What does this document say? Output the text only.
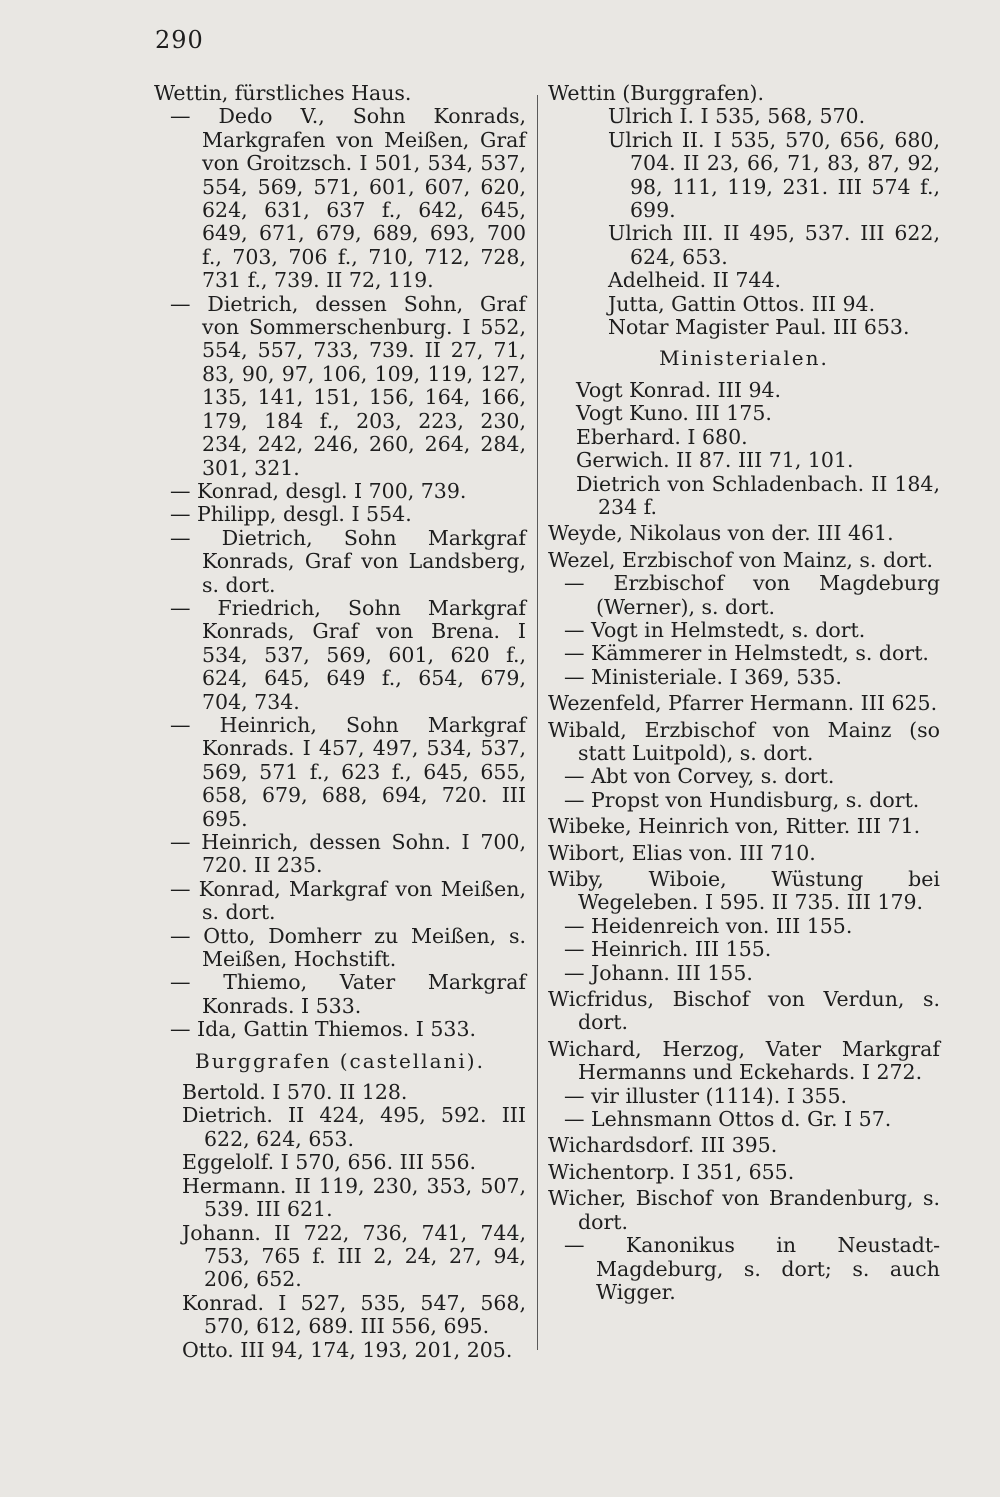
290

Wettin, fürstliches Haus.

— Dedo V., Sohn Konrads, Markgrafen von Meißen, Graf von Groitzsch. I 501, 534, 537, 554, 569, 571, 601, 607, 620, 624, 631, 637 f., 642, 645, 649, 671, 679, 689, 693, 700 f., 703, 706 f., 710, 712, 728, 731 f., 739. II 72, 119.

— Dietrich, dessen Sohn, Graf von Sommerschenburg. I 552, 554, 557, 733, 739. II 27, 71, 83, 90, 97, 106, 109, 119, 127, 135, 141, 151, 156, 164, 166, 179, 184 f., 203, 223, 230, 234, 242, 246, 260, 264, 284, 301, 321.

— Konrad, desgl. I 700, 739.

— Philipp, desgl. I 554.

— Dietrich, Sohn Markgraf Konrads, Graf von Landsberg, s. dort.

— Friedrich, Sohn Markgraf Konrads, Graf von Brena. I 534, 537, 569, 601, 620 f., 624, 645, 649 f., 654, 679, 704, 734.

— Heinrich, Sohn Markgraf Konrads. I 457, 497, 534, 537, 569, 571 f., 623 f., 645, 655, 658, 679, 688, 694, 720. III 695.

— Heinrich, dessen Sohn. I 700, 720. II 235.

— Konrad, Markgraf von Meißen, s. dort.

— Otto, Domherr zu Meißen, s. Meißen, Hochstift.

— Thiemo, Vater Markgraf Konrads. I 533.

— Ida, Gattin Thiemos. I 533.

Burggrafen (castellani).

Bertold. I 570. II 128.

Dietrich. II 424, 495, 592. III 622, 624, 653.

Eggelolf. I 570, 656. III 556.

Hermann. II 119, 230, 353, 507, 539. III 621.

Johann. II 722, 736, 741, 744, 753, 765 f. III 2, 24, 27, 94, 206, 652.

Konrad. I 527, 535, 547, 568, 570, 612, 689. III 556, 695.

Otto. III 94, 174, 193, 201, 205.

Wettin (Burggrafen).

Ulrich I. I 535, 568, 570.

Ulrich II. I 535, 570, 656, 680, 704. II 23, 66, 71, 83, 87, 92, 98, 111, 119, 231. III 574 f., 699.

Ulrich III. II 495, 537. III 622, 624, 653.

Adelheid. II 744.

Jutta, Gattin Ottos. III 94.

Notar Magister Paul. III 653.

Ministerialen.

Vogt Konrad. III 94.

Vogt Kuno. III 175.

Eberhard. I 680.

Gerwich. II 87. III 71, 101.

Dietrich von Schladenbach. II 184, 234 f.

Weyde, Nikolaus von der. III 461.

Wezel, Erzbischof von Mainz, s. dort.

— Erzbischof von Magdeburg (Werner), s. dort.

— Vogt in Helmstedt, s. dort.

— Kämmerer in Helmstedt, s. dort.

— Ministeriale. I 369, 535.

Wezenfeld, Pfarrer Hermann. III 625.

Wibald, Erzbischof von Mainz (so statt Luitpold), s. dort.

— Abt von Corvey, s. dort.

— Propst von Hundisburg, s. dort.

Wibeke, Heinrich von, Ritter. III 71.

Wibort, Elias von. III 710.

Wiby, Wiboie, Wüstung bei Wegeleben. I 595. II 735. III 179.

— Heidenreich von. III 155.

— Heinrich. III 155.

— Johann. III 155.

Wicfridus, Bischof von Verdun, s. dort.

Wichard, Herzog, Vater Markgraf Hermanns und Eckehards. I 272.

— vir illuster (1114). I 355.

— Lehnsmann Ottos d. Gr. I 57.

Wichardsdorf. III 395.

Wichentorp. I 351, 655.

Wicher, Bischof von Brandenburg, s. dort.

— Kanonikus in Neustadt-Magdeburg, s. dort; s. auch Wigger.
